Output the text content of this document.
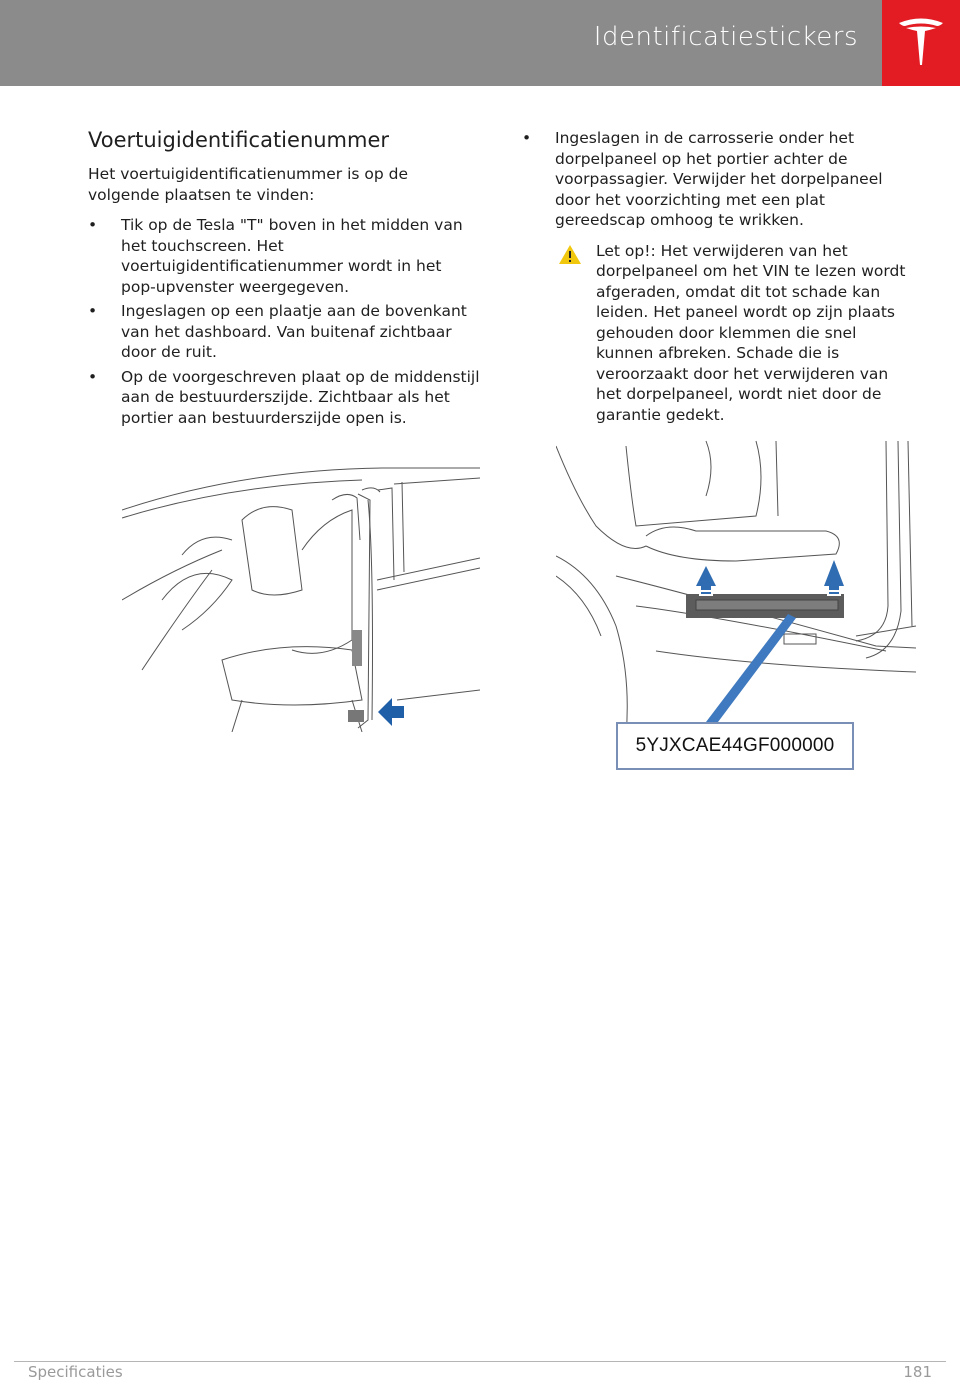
Identificatiestickers
Voertuigidentificatienummer

Het voertuigidentificatienummer is op de volgende plaatsen te vinden:

• Tik op de Tesla "T" boven in het midden van het touchscreen. Het voertuigidentificatienummer wordt in het pop-upvenster weergegeven.
• Ingeslagen op een plaatje aan de bovenkant van het dashboard. Van buitenaf zichtbaar door de ruit.
• Op de voorgeschreven plaat op de middenstijl aan de bestuurderszijde. Zichtbaar als het portier aan bestuurderszijde open is.
• Ingeslagen in de carrosserie onder het dorpelpaneel op het portier achter de voorpassagier. Verwijder het dorpelpaneel door het voorzichting met een plat gereedscap omhoog te wrikken.
Let op!: Het verwijderen van het dorpelpaneel om het VIN te lezen wordt afgeraden, omdat dit tot schade kan leiden. Het paneel wordt op zijn plaats gehouden door klemmen die snel kunnen afbreken. Schade die is veroorzaakt door het verwijderen van het dorpelpaneel, wordt niet door de garantie gedekt.
5YJXCAE44GF000000
Specificaties	181
